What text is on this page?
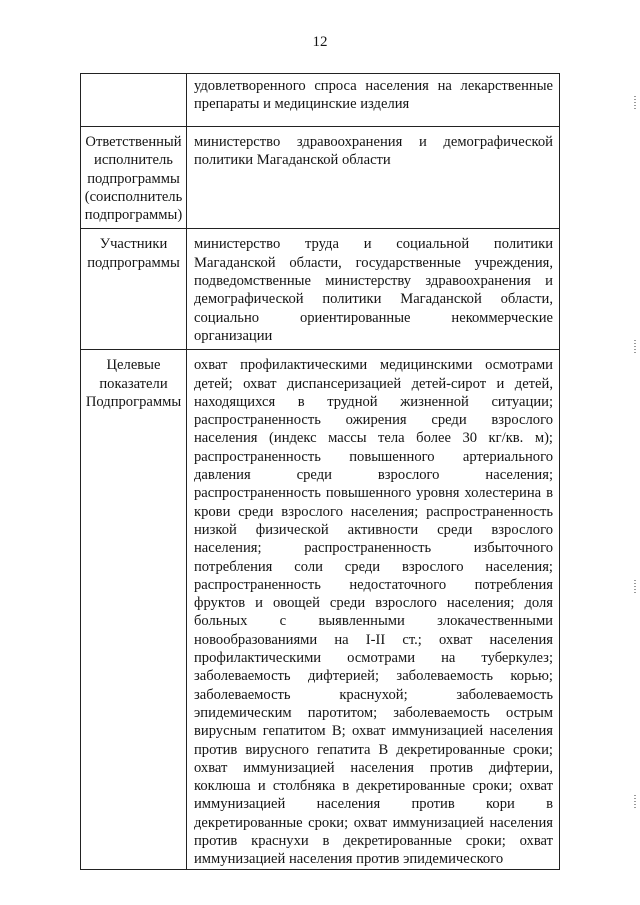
12
	удовлетворенного спроса населения на лекарственные препараты и медицинские изделия
Ответственный исполнитель подпрограммы (соисполнитель подпрограммы)	министерство здравоохранения и демографической политики Магаданской области
Участники подпрограммы	министерство труда и социальной политики Магаданской области, государственные учреждения, подведомственные министерству здравоохранения и демографической политики Магаданской области, социально ориентированные некоммерческие организации
Целевые показатели Подпрограммы	охват профилактическими медицинскими осмотрами детей; охват диспансеризацией детей-сирот и детей, находящихся в трудной жизненной ситуации; распространенность ожирения среди взрослого населения (индекс массы тела более 30 кг/кв. м); распространенность повышенного артериального давления среди взрослого населения; распространенность повышенного уровня холестерина в крови среди взрослого населения; распространенность низкой физической активности среди взрослого населения; распространенность избыточного потребления соли среди взрослого населения; распространенность недостаточного потребления фруктов и овощей среди взрослого населения; доля больных с выявленными злокачественными новообразованиями на I-II ст.; охват населения профилактическими осмотрами на туберкулез; заболеваемость дифтерией; заболеваемость корью; заболеваемость краснухой; заболеваемость эпидемическим паротитом; заболеваемость острым вирусным гепатитом В; охват иммунизацией населения против вирусного гепатита В декретированные сроки; охват иммунизацией населения против дифтерии, коклюша и столбняка в декретированные сроки; охват иммунизацией населения против кори в декретированные сроки; охват иммунизацией населения против краснухи в декретированные сроки; охват иммунизацией населения против эпидемического
